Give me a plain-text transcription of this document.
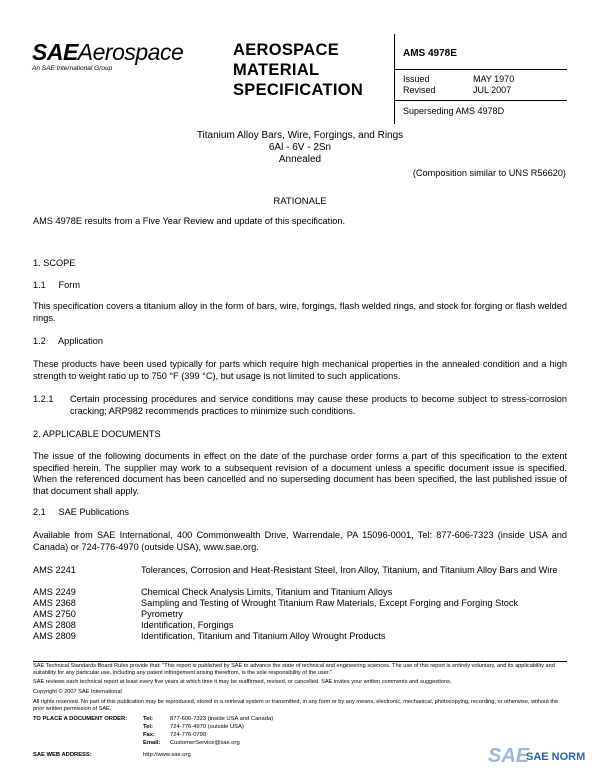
SAEAerospace
An SAE International Group
AEROSPACE
MATERIAL
SPECIFICATION
AMS 4978E
Issued	MAY 1970
Revised	JUL 2007
Superseding AMS 4978D
Titanium Alloy Bars, Wire, Forgings, and Rings
6Al - 6V - 2Sn
Annealed
(Composition similar to UNS R56620)
RATIONALE
AMS 4978E results from a Five Year Review and update of this specification.
1. SCOPE
1.1     Form
This specification covers a titanium alloy in the form of bars, wire, forgings, flash welded rings, and stock for forging or flash welded rings.
1.2     Application
These products have been used typically for parts which require high mechanical properties in the annealed condition and a high strength to weight ratio up to 750 °F (399 °C), but usage is not limited to such applications.
1.2.1 Certain processing procedures and service conditions may cause these products to become subject to stress-corrosion cracking; ARP982 recommends practices to minimize such conditions.
2. APPLICABLE DOCUMENTS
The issue of the following documents in effect on the date of the purchase order forms a part of this specification to the extent specified herein. The supplier may work to a subsequent revision of a document unless a specific document issue is specified. When the referenced document has been cancelled and no superseding document has been specified, the last published issue of that document shall apply.
2.1     SAE Publications
Available from SAE International, 400 Commonwealth Drive, Warrendale, PA 15096-0001, Tel: 877-606-7323 (inside USA and Canada) or 724-776-4970 (outside USA), www.sae.org.
AMS 2241	Tolerances, Corrosion and Heat-Resistant Steel, Iron Alloy, Titanium, and Titanium Alloy Bars and Wire
AMS 2249	Chemical Check Analysis Limits, Titanium and Titanium Alloys
AMS 2368	Sampling and Testing of Wrought Titanium Raw Materials, Except Forging and Forging Stock
AMS 2750	Pyrometry
AMS 2808	Identification, Forgings
AMS 2809	Identification, Titanium and Titanium Alloy Wrought Products
SAE Technical Standards Board Rules provide that: "This report is published by SAE to advance the state of technical and engineering sciences. The use of this report is entirely voluntary, and its applicability and suitability for any particular use, including any patent infringement arising therefrom, is the sole responsibility of the user."
SAE reviews each technical report at least every five years at which time it may be reaffirmed, revised, or cancelled. SAE invites your written comments and suggestions.
Copyright © 2007 SAE International
All rights reserved. No part of this publication may be reproduced, stored in a retrieval system or transmitted, in any form or by any means, electronic, mechanical, photocopying, recording, or otherwise, without the prior written permission of SAE.
TO PLACE A DOCUMENT ORDER:	Tel:	877-606-7323 (inside USA and Canada)
Tel:	724-776-4970 (outside USA)
Fax:	724-776-0790
Email: CustomerService@sae.org
SAE WEB ADDRESS:	http://www.sae.org	SAE
SAE NORM
